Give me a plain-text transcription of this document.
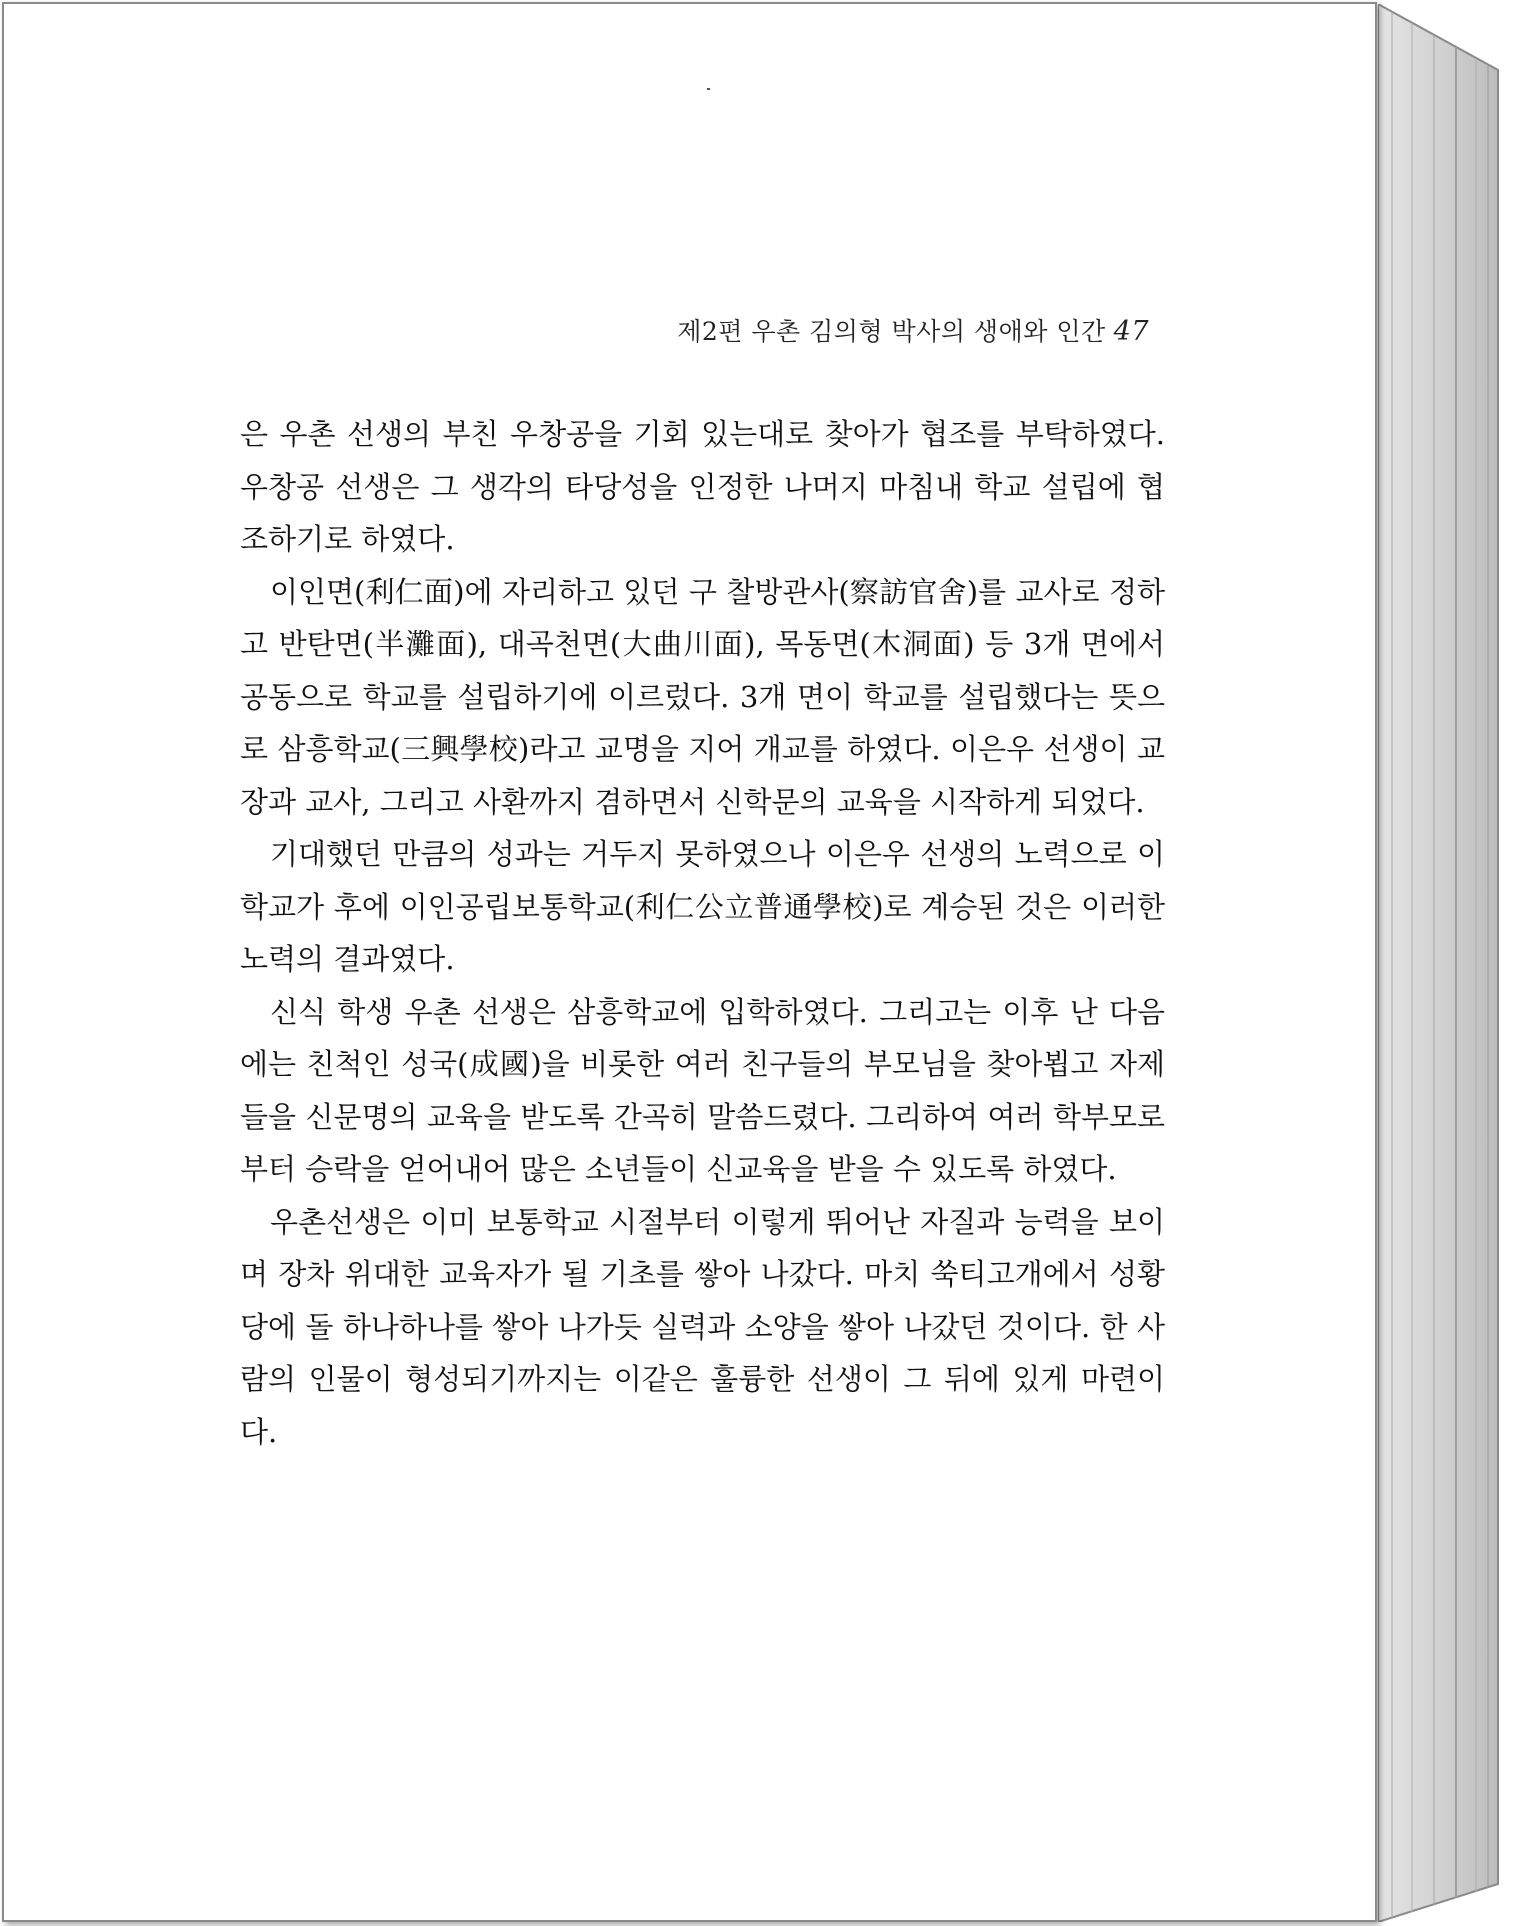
제2편 우촌 김의형 박사의 생애와 인간 47

은 우촌 선생의 부친 우창공을 기회 있는대로 찾아가 협조를 부탁하였다. 우창공 선생은 그 생각의 타당성을 인정한 나머지 마침내 학교 설립에 협조하기로 하였다.

이인면(利仁面)에 자리하고 있던 구 찰방관사(察訪官舍)를 교사로 정하고 반탄면(半灘面), 대곡천면(大曲川面), 목동면(木洞面) 등 3개 면에서 공동으로 학교를 설립하기에 이르렀다. 3개 면이 학교를 설립했다는 뜻으로 삼흥학교(三興學校)라고 교명을 지어 개교를 하였다. 이은우 선생이 교장과 교사, 그리고 사환까지 겸하면서 신학문의 교육을 시작하게 되었다.

기대했던 만큼의 성과는 거두지 못하였으나 이은우 선생의 노력으로 이 학교가 후에 이인공립보통학교(利仁公立普通學校)로 계승된 것은 이러한 노력의 결과였다.

신식 학생 우촌 선생은 삼흥학교에 입학하였다. 그리고는 이후 난 다음에는 친척인 성국(成國)을 비롯한 여러 친구들의 부모님을 찾아뵙고 자제들을 신문명의 교육을 받도록 간곡히 말씀드렸다. 그리하여 여러 학부모로부터 승락을 얻어내어 많은 소년들이 신교육을 받을 수 있도록 하였다.

우촌선생은 이미 보통학교 시절부터 이렇게 뛰어난 자질과 능력을 보이며 장차 위대한 교육자가 될 기초를 쌓아 나갔다. 마치 쑥티고개에서 성황당에 돌 하나하나를 쌓아 나가듯 실력과 소양을 쌓아 나갔던 것이다. 한 사람의 인물이 형성되기까지는 이같은 훌륭한 선생이 그 뒤에 있게 마련이다.
